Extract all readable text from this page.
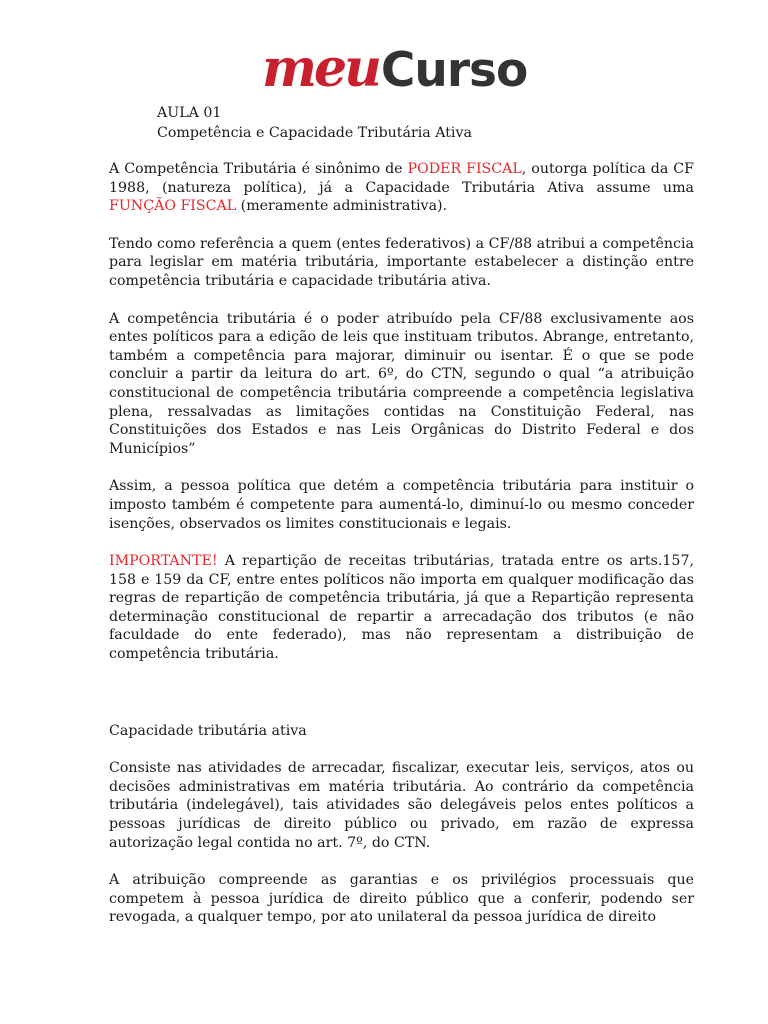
meu Curso
AULA 01
Competência e Capacidade Tributária Ativa

A Competência Tributária é sinônimo de PODER FISCAL, outorga política da CF 1988, (natureza política), já a Capacidade Tributária Ativa assume uma FUNÇÃO FISCAL (meramente administrativa).

Tendo como referência a quem (entes federativos) a CF/88 atribui a competência para legislar em matéria tributária, importante estabelecer a distinção entre competência tributária e capacidade tributária ativa.

A competência tributária é o poder atribuído pela CF/88 exclusivamente aos entes políticos para a edição de leis que instituam tributos. Abrange, entretanto, também a competência para majorar, diminuir ou isentar. É o que se pode concluir a partir da leitura do art. 6º, do CTN, segundo o qual “a atribuição constitucional de competência tributária compreende a competência legislativa plena, ressalvadas as limitações contidas na Constituição Federal, nas Constituições dos Estados e nas Leis Orgânicas do Distrito Federal e dos Municípios”

Assim, a pessoa política que detém a competência tributária para instituir o imposto também é competente para aumentá-lo, diminuí-lo ou mesmo conceder isenções, observados os limites constitucionais e legais.

IMPORTANTE! A repartição de receitas tributárias, tratada entre os arts.157, 158 e 159 da CF, entre entes políticos não importa em qualquer modificação das regras de repartição de competência tributária, já que a Repartição representa determinação constitucional de repartir a arrecadação dos tributos (e não faculdade do ente federado), mas não representam a distribuição de competência tributária.

Capacidade tributária ativa

Consiste nas atividades de arrecadar, fiscalizar, executar leis, serviços, atos ou decisões administrativas em matéria tributária. Ao contrário da competência tributária (indelegável), tais atividades são delegáveis pelos entes políticos a pessoas jurídicas de direito público ou privado, em razão de expressa autorização legal contida no art. 7º, do CTN.

A atribuição compreende as garantias e os privilégios processuais que competem à pessoa jurídica de direito público que a conferir, podendo ser revogada, a qualquer tempo, por ato unilateral da pessoa jurídica de direito
